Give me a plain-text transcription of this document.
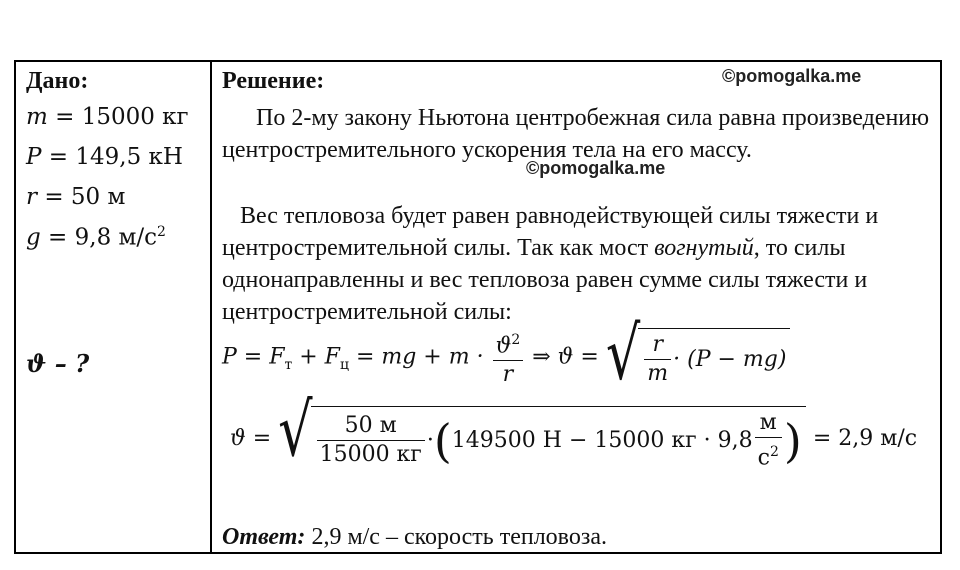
Дано:
m = 15000 кг
P = 149,5 кН
r = 50 м
g = 9,8 $м/с^2$
ϑ – ?
Решение:	©pomogalka.me
©pomogalka.me

По 2-му закону Ньютона центробежная сила равна произведению центростремительного ускорения тела на его массу.

Вес тепловоза будет равен равнодействующей силы тяжести и центростремительной силы. Так как мост вогнутый, то силы однонаправленны и вес тепловоза равен сумме силы тяжести и центростремительной силы:

$P = F_т + F_ц$ = mg + $m \cdot \frac{ϑ^2}{r}$ ⇒ ϑ = √ $\frac{r}{m} \cdot (P - mg)$
ϑ = √ $\frac{50 м}{15000 кг}$ · ( 149500 Н − 15000 кг · $9,8 \frac{м}{с^2}$ ) = 2,9 м/с
Ответ: 2,9 м/с – скорость тепловоза.
